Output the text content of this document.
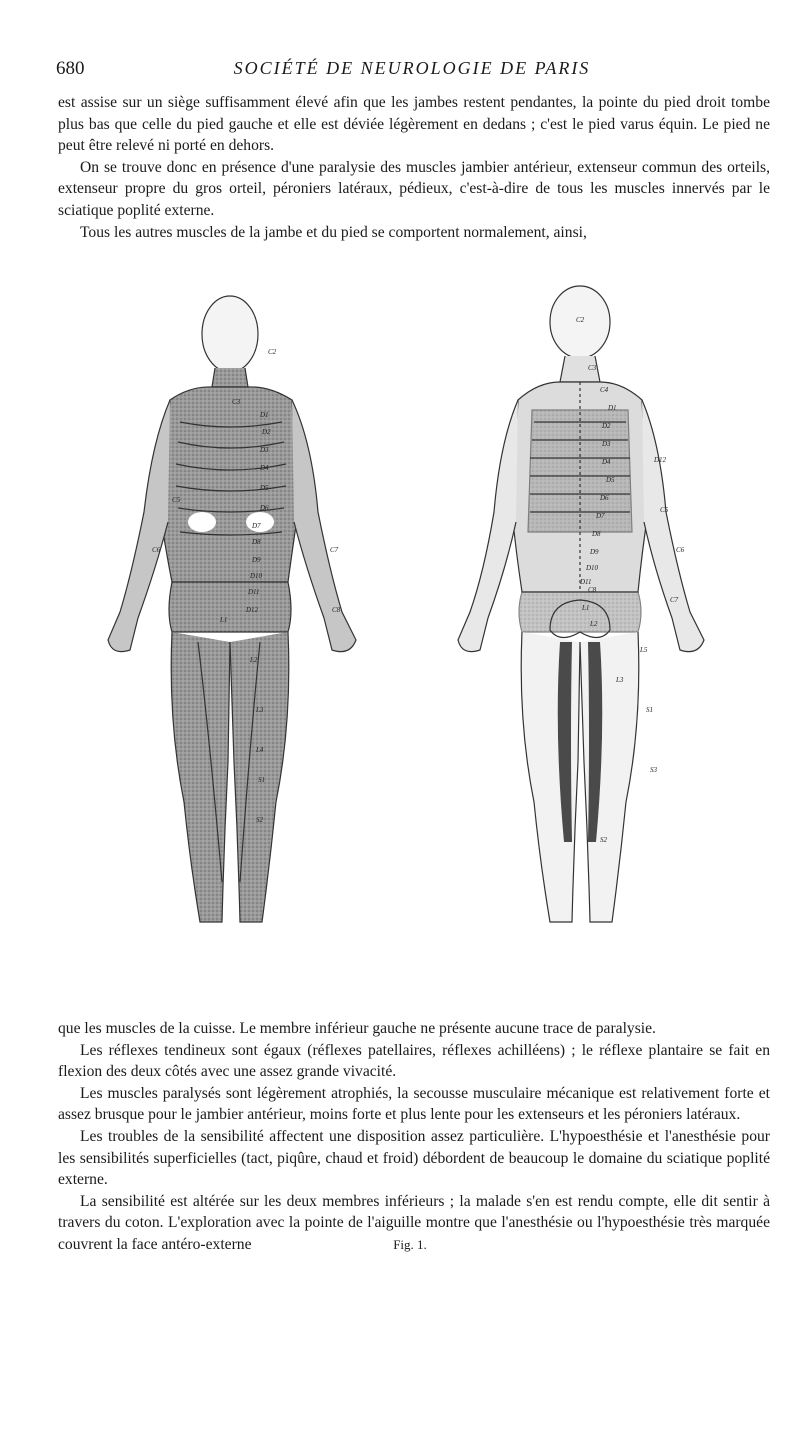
680	SOCIÉTÉ DE NEUROLOGIE DE PARIS

est assise sur un siège suffisamment élevé afin que les jambes restent pendantes, la pointe du pied droit tombe plus bas que celle du pied gauche et elle est déviée légèrement en dedans ; c'est le pied varus équin. Le pied ne peut être relevé ni porté en dehors.

On se trouve donc en présence d'une paralysie des muscles jambier antérieur, extenseur commun des orteils, extenseur propre du gros orteil, péroniers latéraux, pédieux, c'est-à-dire de tous les muscles innervés par le sciatique poplité externe.

Tous les autres muscles de la jambe et du pied se comportent normalement, ainsi,

C2
C3
D1
D2
D3
D4
D5
D6
D7
D8
D9
D10
D11
D12
L1
L2
L3
L4
S1
S2
C5
C6	C7
C8
C2
C3
C4
D1
D2
D3
D4
D5
D6
D7
D8
D9
D10
D11
D12
C5
C6
C7
C8
L1
L2
L3
S2
S3
S1
L5
Fig. 1.

que les muscles de la cuisse. Le membre inférieur gauche ne présente aucune trace de paralysie.

Les réflexes tendineux sont égaux (réflexes patellaires, réflexes achilléens) ; le réflexe plantaire se fait en flexion des deux côtés avec une assez grande vivacité.

Les muscles paralysés sont légèrement atrophiés, la secousse musculaire mécanique est relativement forte et assez brusque pour le jambier antérieur, moins forte et plus lente pour les extenseurs et les péroniers latéraux.

Les troubles de la sensibilité affectent une disposition assez particulière. L'hypoesthésie et l'anesthésie pour les sensibilités superficielles (tact, piqûre, chaud et froid) débordent de beaucoup le domaine du sciatique poplité externe.

La sensibilité est altérée sur les deux membres inférieurs ; la malade s'en est rendu compte, elle dit sentir à travers du coton. L'exploration avec la pointe de l'aiguille montre que l'anesthésie ou l'hypoesthésie très marquée couvrent la face antéro-externe
